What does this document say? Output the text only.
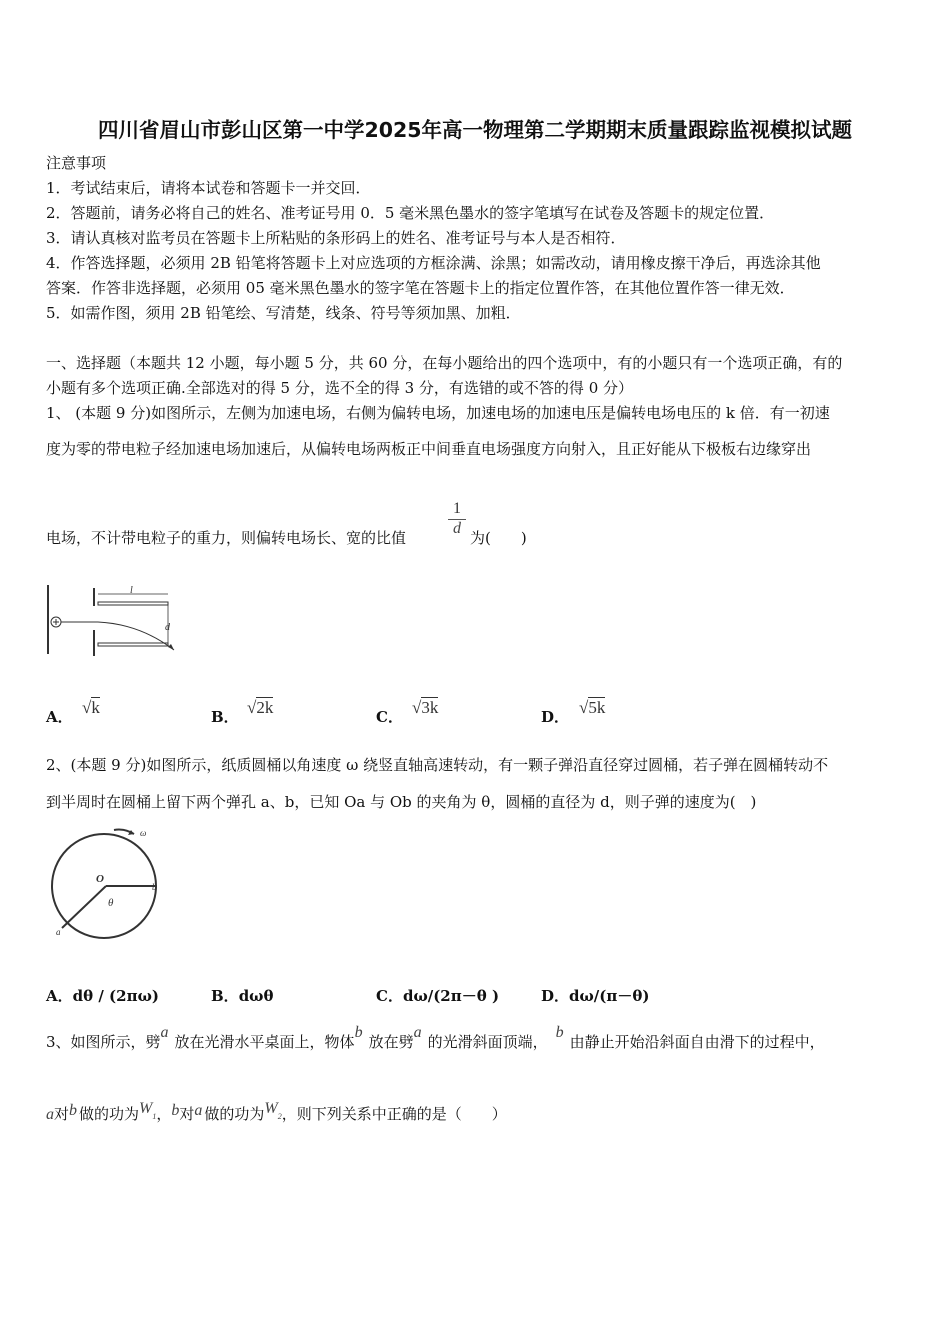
四川省眉山市彭山区第一中学2025年高一物理第二学期期末质量跟踪监视模拟试题
注意事项
1．考试结束后，请将本试卷和答题卡一并交回．
2．答题前，请务必将自己的姓名、准考证号用 0．5 毫米黑色墨水的签字笔填写在试卷及答题卡的规定位置．
3．请认真核对监考员在答题卡上所粘贴的条形码上的姓名、准考证号与本人是否相符．
4．作答选择题，必须用 2B 铅笔将答题卡上对应选项的方框涂满、涂黑；如需改动，请用橡皮擦干净后，再选涂其他
答案．作答非选择题，必须用 05 毫米黑色墨水的签字笔在答题卡上的指定位置作答，在其他位置作答一律无效．
5．如需作图，须用 2B 铅笔绘、写清楚，线条、符号等须加黑、加粗．
一、选择题（本题共 12 小题，每小题 5 分，共 60 分，在每小题给出的四个选项中，有的小题只有一个选项正确，有的
小题有多个选项正确.全部选对的得 5 分，选不全的得 3 分，有选错的或不答的得 0 分）
1、 (本题 9 分)如图所示，左侧为加速电场，右侧为偏转电场，加速电场的加速电压是偏转电场电压的 k 倍．有一初速
度为零的带电粒子经加速电场加速后，从偏转电场两板正中间垂直电场强度方向射入，且正好能从下极板右边缘穿出
电场，不计带电粒子的重力，则偏转电场长、宽的比值	$\frac{1}{d}$ 为(　　)
l
d
A． √k	B． √2k	C． √3k	D． √5k
2、(本题 9 分)如图所示，纸质圆桶以角速度 ω 绕竖直轴高速转动，有一颗子弹沿直径穿过圆桶，若子弹在圆桶转动不
到半周时在圆桶上留下两个弹孔 a、b，已知 Oa 与 Ob 的夹角为 θ，圆桶的直径为 d，则子弹的速度为(　)
ω
O
θ
a
b
A．dθ / (2πω)	B．dωθ	C．dω/(2π－θ )	D．dω/(π－θ)
3、如图所示，劈a放在光滑水平桌面上，物体b放在劈a的光滑斜面顶端，b由静止开始沿斜面自由滑下的过程中，
a对b 做的功为$W_1$，b对a 做的功为$W_2$，则下列关系中正确的是（　　）
